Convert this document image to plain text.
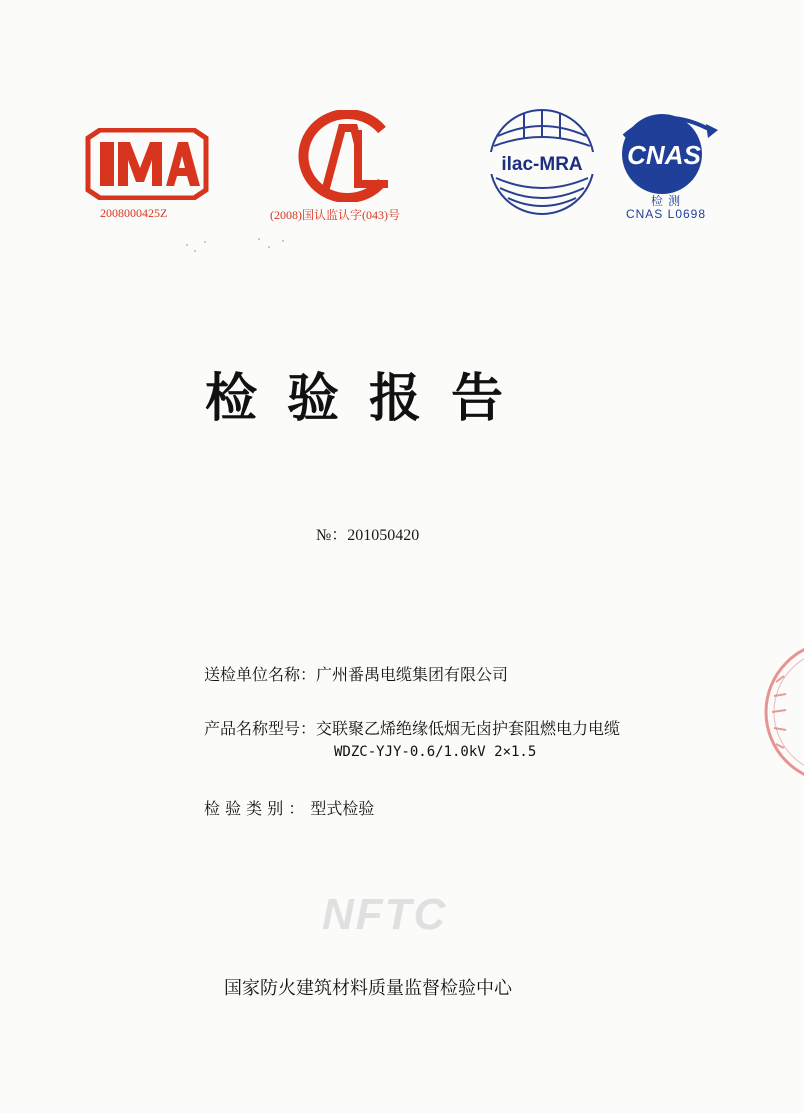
2008000425Z	(2008)国认监认字(043)号
ilac-MRA CNAS
检 测
CNAS L0698
检验报告
№：201050420
送检单位名称：广州番禺电缆集团有限公司
产品名称型号：交联聚乙烯绝缘低烟无卤护套阻燃电力电缆
WDZC-YJY-0.6/1.0kV 2×1.5
检 验 类 别 ： 型式检验
NFTC
国家防火建筑材料质量监督检验中心
